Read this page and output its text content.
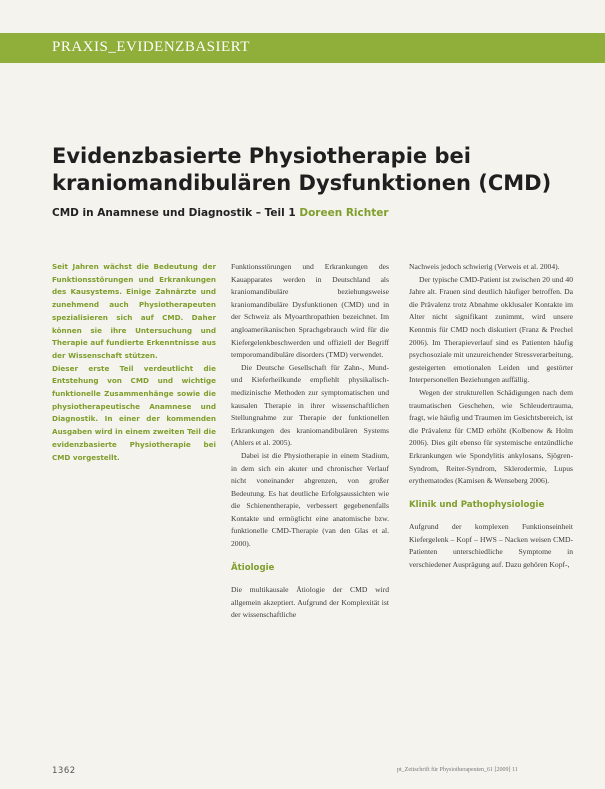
PRAXIS_EVIDENZBASIERT
Evidenzbasierte Physiotherapie bei
kraniomandibulären Dysfunktionen (CMD)
CMD in Anamnese und Diagnostik – Teil 1 Doreen Richter

Seit Jahren wächst die Bedeutung der Funktionsstörungen und Erkrankungen des Kausystems. Einige Zahnärzte und zunehmend auch Physiotherapeuten spezialisieren sich auf CMD. Daher können sie ihre Untersuchung und Therapie auf fundierte Erkenntnisse aus der Wissenschaft stützen.

Dieser erste Teil verdeutlicht die Entstehung von CMD und wichtige funktionelle Zusammenhänge sowie die physiotherapeutische Anamnese und Diagnostik. In einer der kommenden Ausgaben wird in einem zweiten Teil die evidenzbasierte Physiotherapie bei CMD vorgestellt.

Funktionsstörungen und Erkrankungen des Kauapparates werden in Deutschland als kraniomandibuläre beziehungsweise kraniomandibuläre Dysfunktionen (CMD) und in der Schweiz als Myoarthropathien bezeichnet. Im angloamerikanischen Sprachgebrauch wird für die Kiefergelenkbeschwerden und offiziell der Begriff temporomandibuläre disorders (TMD) verwendet.

Die Deutsche Gesellschaft für Zahn-, Mund- und Kieferheilkunde empfiehlt physikalisch-medizinische Methoden zur symptomatischen und kausalen Therapie in ihrer wissenschaftlichen Stellungnahme zur Therapie der funktionellen Erkrankungen des kraniomandibulären Systems (Ahlers et al. 2005).

Dabei ist die Physiotherapie in einem Stadium, in dem sich ein akuter und chronischer Verlauf nicht voneinander abgrenzen, von großer Bedeutung. Es hat deutliche Erfolgsaussichten wie die Schienentherapie, verbessert gegebenenfalls Kontakte und ermöglicht eine anatomische bzw. funktionelle CMD-Therapie (van den Glas et al. 2000).

Ätiologie

Die multikausale Ätiologie der CMD wird allgemein akzeptiert. Aufgrund der Komplexität ist der wissenschaftliche

Nachweis jedoch schwierig (Verweis et al. 2004).

Der typische CMD-Patient ist zwischen 20 und 40 Jahre alt. Frauen sind deutlich häufiger betroffen. Da die Prävalenz trotz Abnahme okklusaler Kontakte im Alter nicht signifikant zunimmt, wird unsere Kenntnis für CMD noch diskutiert (Franz & Prechel 2006). Im Therapieverlauf sind es Patienten häufig psychosoziale mit unzureichender Stressverarbeitung, gesteigerten emotionalen Leiden und gestörter Interpersonellen Beziehungen auffällig.

Wegen der strukturellen Schädigungen nach dem traumatischen Geschehen, wie Schleudertrauma, fragt, wie häufig und Traumen im Gesichtsbereich, ist die Prävalenz für CMD erhöht (Kolbenow & Holm 2006). Dies gilt ebenso für systemische entzündliche Erkrankungen wie Spondylitis ankylosans, Sjögren-Syndrom, Reiter-Syndrom, Sklerodermie, Lupus erythematodes (Kamisen & Wenseberg 2006).

Klinik und Pathophysiologie

Aufgrund der komplexen Funktionseinheit Kiefergelenk – Kopf – HWS – Nacken weisen CMD-Patienten unterschiedliche Symptome in verschiedener Ausprägung auf. Dazu gehören Kopf-,

1362	pt_Zeitschrift für Physiotherapeuten_61 [2009] 11
